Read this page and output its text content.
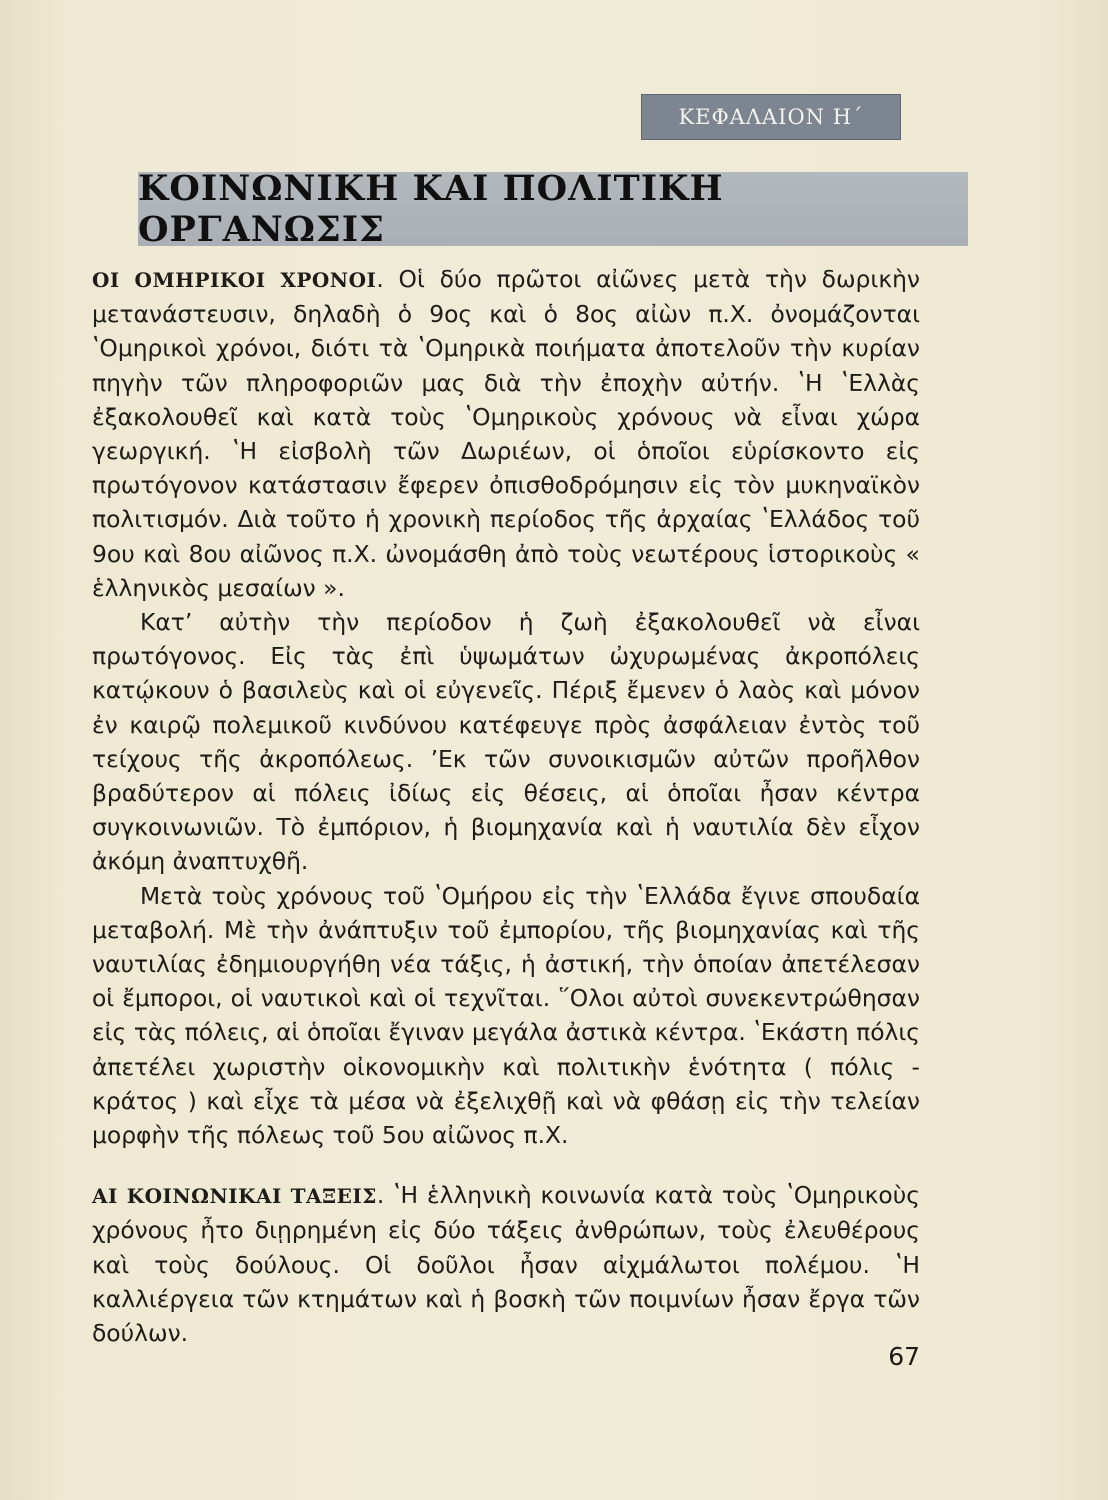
ΚΕΦΑΛΑΙΟΝ Η΄
ΚΟΙΝΩΝΙΚΗ ΚΑΙ ΠΟΛΙΤΙΚΗ ΟΡΓΑΝΩΣΙΣ

ΟΙ ΟΜΗΡΙΚΟΙ ΧΡΟΝΟΙ. Οἱ δύο πρῶτοι αἰῶνες μετὰ τὴν δωρικὴν μετανάστευσιν, δηλαδὴ ὁ 9ος καὶ ὁ 8ος αἰὼν π.Χ. ὀνομάζονται ʽΟμηρικοὶ χρόνοι, διότι τὰ ʽΟμηρικὰ ποιήματα ἀποτελοῦν τὴν κυρίαν πηγὴν τῶν πληροφοριῶν μας διὰ τὴν ἐποχὴν αὐτήν. ʽΗ ʽΕλλὰς ἐξακολουθεῖ καὶ κατὰ τοὺς ʽΟμηρικοὺς χρόνους νὰ εἶναι χώρα γεωργική. ʽΗ εἰσβολὴ τῶν Δωριέων, οἱ ὁποῖοι εὑρίσκοντο εἰς πρωτόγονον κατάστασιν ἔφερεν ὀπισθοδρόμησιν εἰς τὸν μυκηναϊκὸν πολιτισμόν. Διὰ τοῦτο ἡ χρονικὴ περίοδος τῆς ἀρχαίας ʽΕλλάδος τοῦ 9ου καὶ 8ου αἰῶνος π.Χ. ὠνομάσθη ἀπὸ τοὺς νεωτέρους ἱστορικοὺς « ἑλληνικὸς μεσαίων ».

Κατ’ αὐτὴν τὴν περίοδον ἡ ζωὴ ἐξακολουθεῖ νὰ εἶναι πρωτόγονος. Εἰς τὰς ἐπὶ ὑψωμάτων ὠχυρωμένας ἀκροπόλεις κατῴκουν ὁ βασιλεὺς καὶ οἱ εὐγενεῖς. Πέριξ ἔμενεν ὁ λαὸς καὶ μόνον ἐν καιρῷ πολεμικοῦ κινδύνου κατέφευγε πρὸς ἀσφάλειαν ἐντὸς τοῦ τείχους τῆς ἀκροπόλεως. ’Εκ τῶν συνοικισμῶν αὐτῶν προῆλθον βραδύτερον αἱ πόλεις ἰδίως εἰς θέσεις, αἱ ὁποῖαι ἦσαν κέντρα συγκοινωνιῶν. Τὸ ἐμπόριον, ἡ βιομηχανία καὶ ἡ ναυτιλία δὲν εἶχον ἀκόμη ἀναπτυχθῆ.

Μετὰ τοὺς χρόνους τοῦ ʽΟμήρου εἰς τὴν ʽΕλλάδα ἔγινε σπουδαία μεταβολή. Μὲ τὴν ἀνάπτυξιν τοῦ ἐμπορίου, τῆς βιομηχανίας καὶ τῆς ναυτιλίας ἐδημιουργήθη νέα τάξις, ἡ ἀστική, τὴν ὁποίαν ἀπετέλεσαν οἱ ἔμποροι, οἱ ναυτικοὶ καὶ οἱ τεχνῖται. ῞Ολοι αὐτοὶ συνεκεντρώθησαν εἰς τὰς πόλεις, αἱ ὁποῖαι ἔγιναν μεγάλα ἀστικὰ κέντρα. ʽΕκάστη πόλις ἀπετέλει χωριστὴν οἰκονομικὴν καὶ πολιτικὴν ἑνότητα ( πόλις - κράτος ) καὶ εἶχε τὰ μέσα νὰ ἐξελιχθῇ καὶ νὰ φθάσῃ εἰς τὴν τελείαν μορφὴν τῆς πόλεως τοῦ 5ου αἰῶνος π.Χ.

ΑΙ ΚΟΙΝΩΝΙΚΑΙ ΤΑΞΕΙΣ. ʽΗ ἑλληνικὴ κοινωνία κατὰ τοὺς ʽΟμηρικοὺς χρόνους ἦτο διῃρημένη εἰς δύο τάξεις ἀνθρώπων, τοὺς ἐλευθέρους καὶ τοὺς δούλους. Οἱ δοῦλοι ἦσαν αἰχμάλωτοι πολέμου. ʽΗ καλλιέργεια τῶν κτημάτων καὶ ἡ βοσκὴ τῶν ποιμνίων ἦσαν ἔργα τῶν δούλων.

67
